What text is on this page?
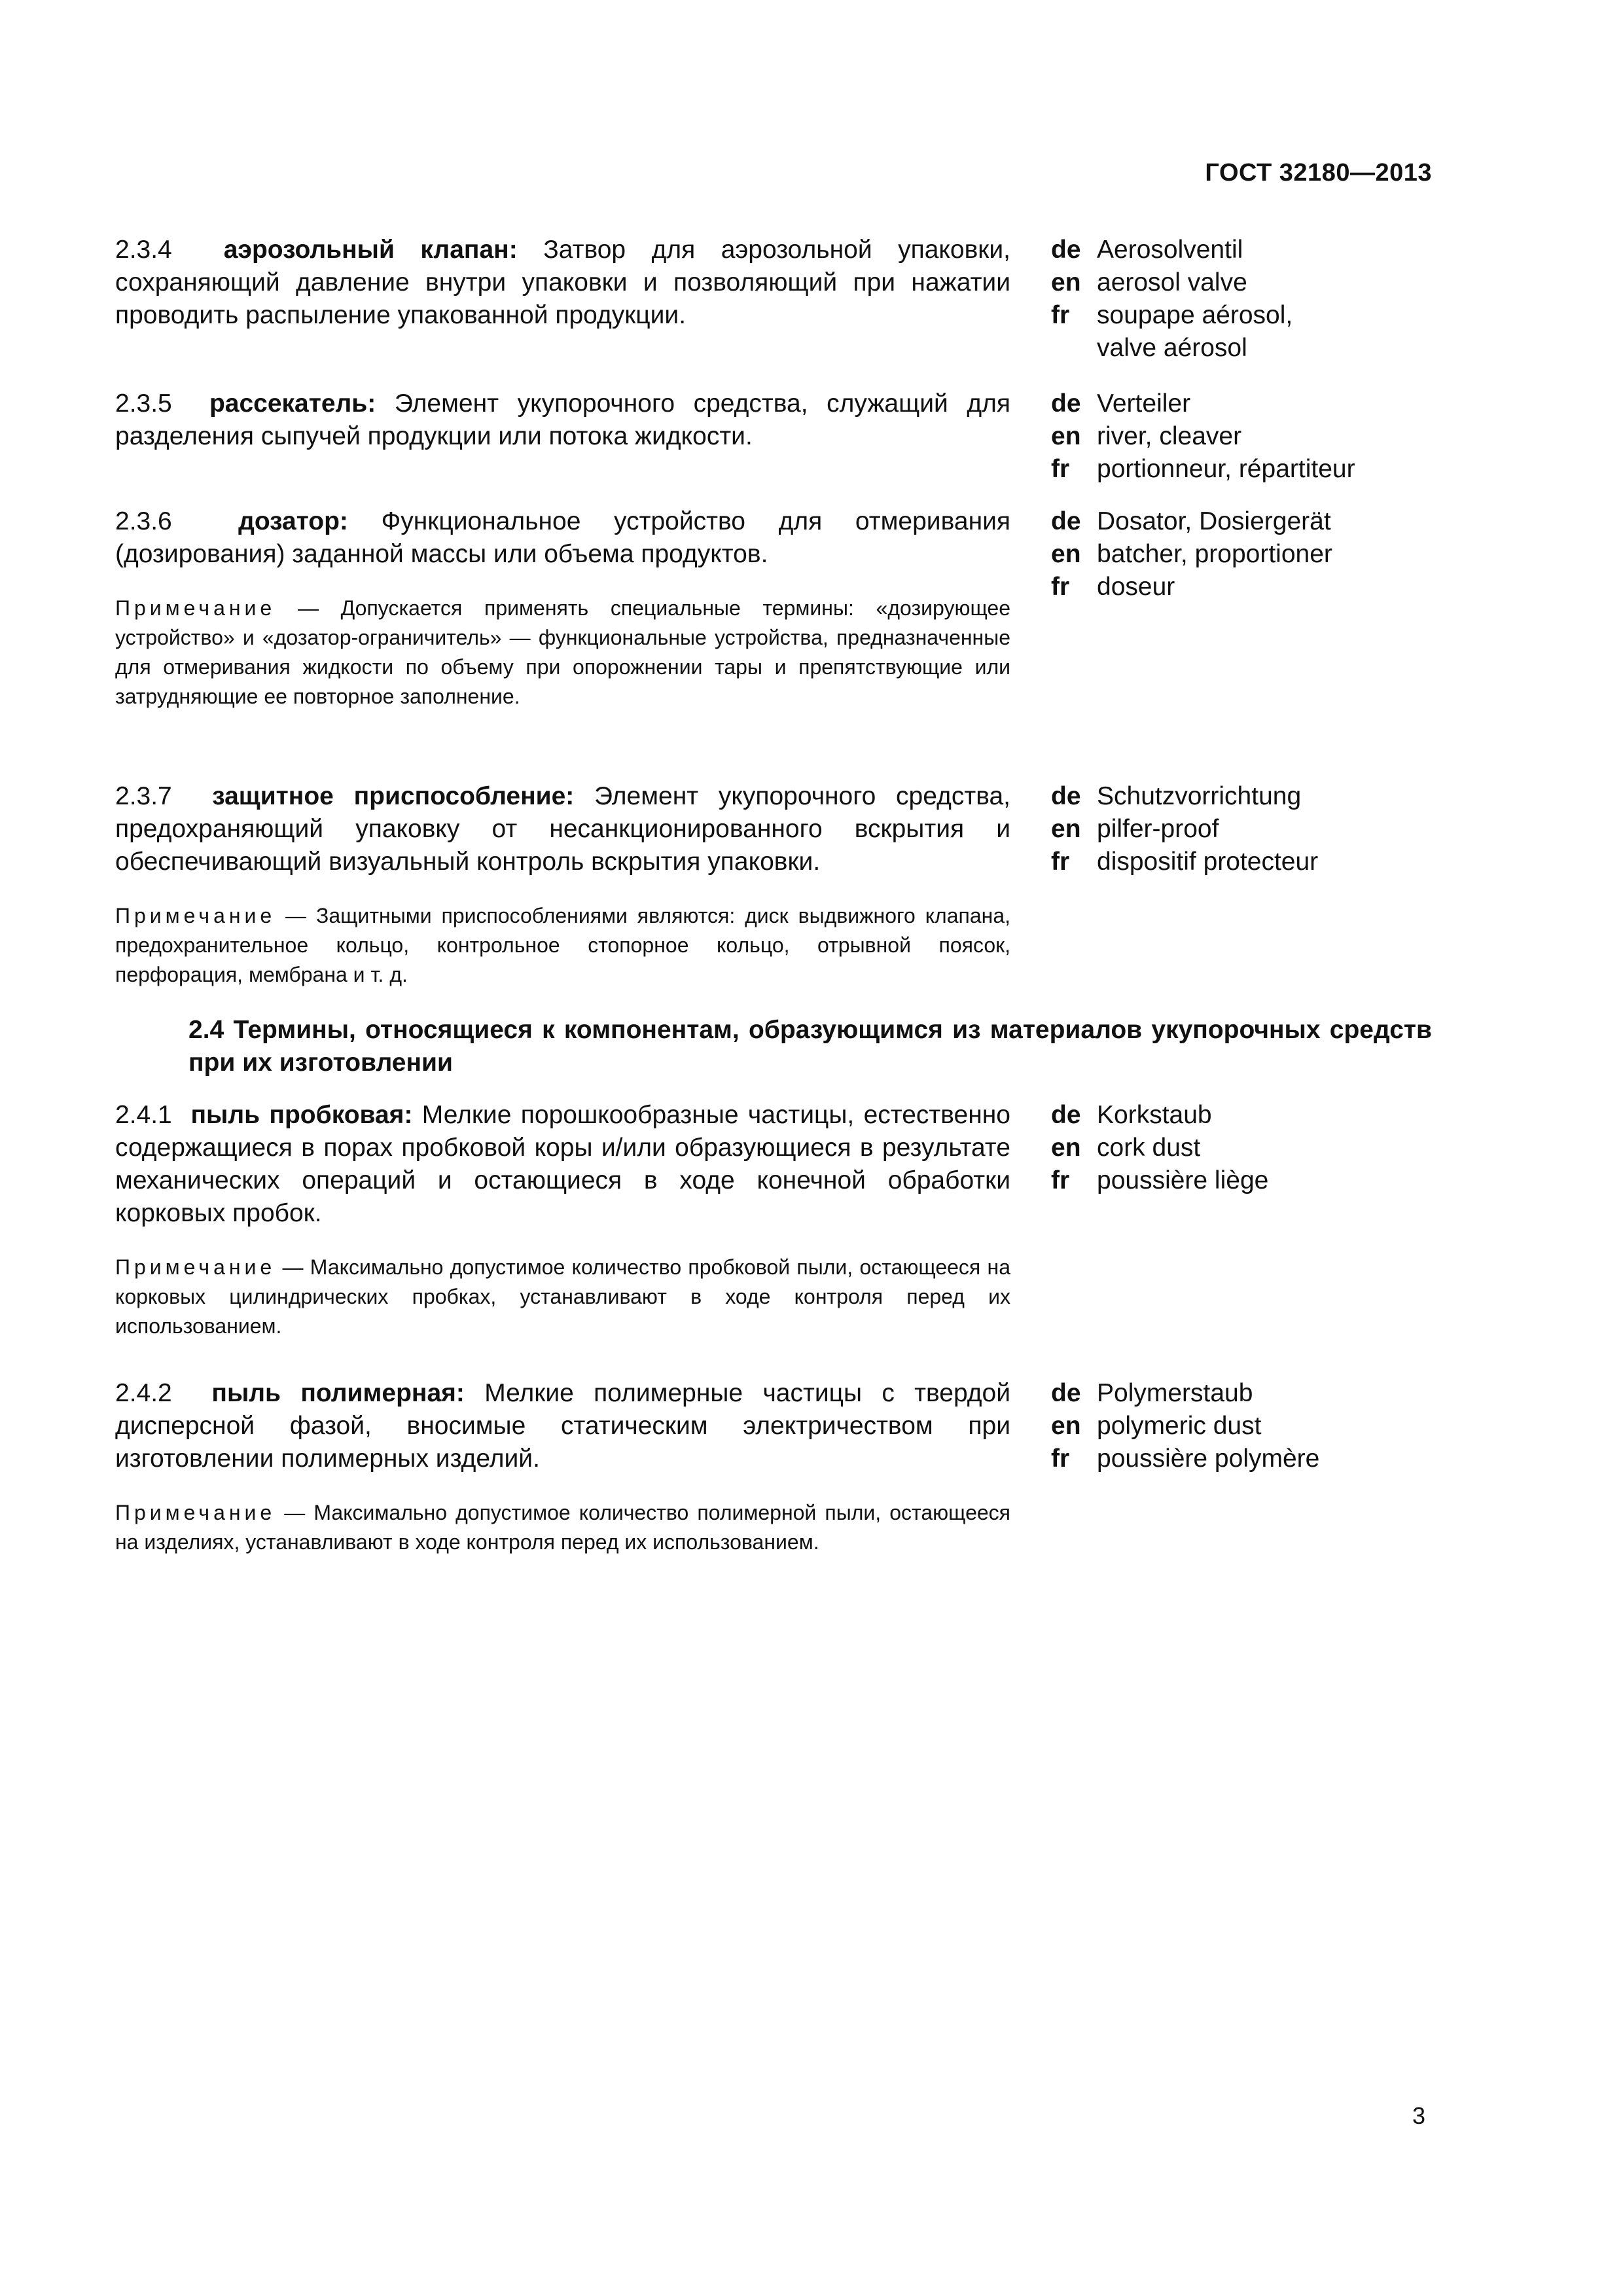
ГОСТ 32180—2013
2.3.4 аэрозольный клапан: Затвор для аэрозольной упаковки, сохраняющий давление внутри упаковки и позволяющий при нажатии проводить распыление упакованной продукции.
de Aerosolventil
en aerosol valve
fr	soupape aérosol, valve aérosol
2.3.5 рассекатель: Элемент укупорочного средства, служащий для разделения сыпучей продукции или потока жидкости.
de Verteiler
en river, cleaver
fr	portionneur, répartiteur
2.3.6	дозатор: Функциональное устройство для отмеривания (дозирования) заданной массы или объема продуктов.
Примечание — Допускается применять специальные термины: «дозирующее устройство» и «дозатор-ограничитель» — функциональные устройства, предназначенные для отмеривания жидкости по объему при опорожнении тары и препятствующие или затрудняющие ее повторное заполнение.
de Dosator, Dosiergerät
en batcher, proportioner
fr	doseur
2.3.7 защитное приспособление: Элемент укупорочного средства, предохраняющий упаковку от несанкционированного вскрытия и обеспечивающий визуальный контроль вскрытия упаковки.
Примечание — Защитными приспособлениями являются: диск выдвижного клапана, предохранительное кольцо, контрольное стопорное кольцо, отрывной поясок, перфорация, мембрана и т. д.
de Schutzvorrichtung
en pilfer-proof
fr	dispositif protecteur
2.4 Термины, относящиеся к компонентам, образующимся из материалов укупорочных средств при их изготовлении
2.4.1 пыль пробковая: Мелкие порошкообразные частицы, естественно содержащиеся в порах пробковой коры и/или образующиеся в результате механических операций и остающиеся в ходе конечной обработки корковых пробок.
Примечание — Максимально допустимое количество пробковой пыли, остающееся на корковых цилиндрических пробках, устанавливают в ходе контроля перед их использованием.
de Korkstaub
en cork dust
fr	poussière liège
2.4.2 пыль полимерная: Мелкие полимерные частицы с твердой дисперсной фазой, вносимые статическим электричеством при изготовлении полимерных изделий.
Примечание — Максимально допустимое количество полимерной пыли, остающееся на изделиях, устанавливают в ходе контроля перед их использованием.
de Polymerstaub
en polymeric dust
fr	poussière polymère
3
